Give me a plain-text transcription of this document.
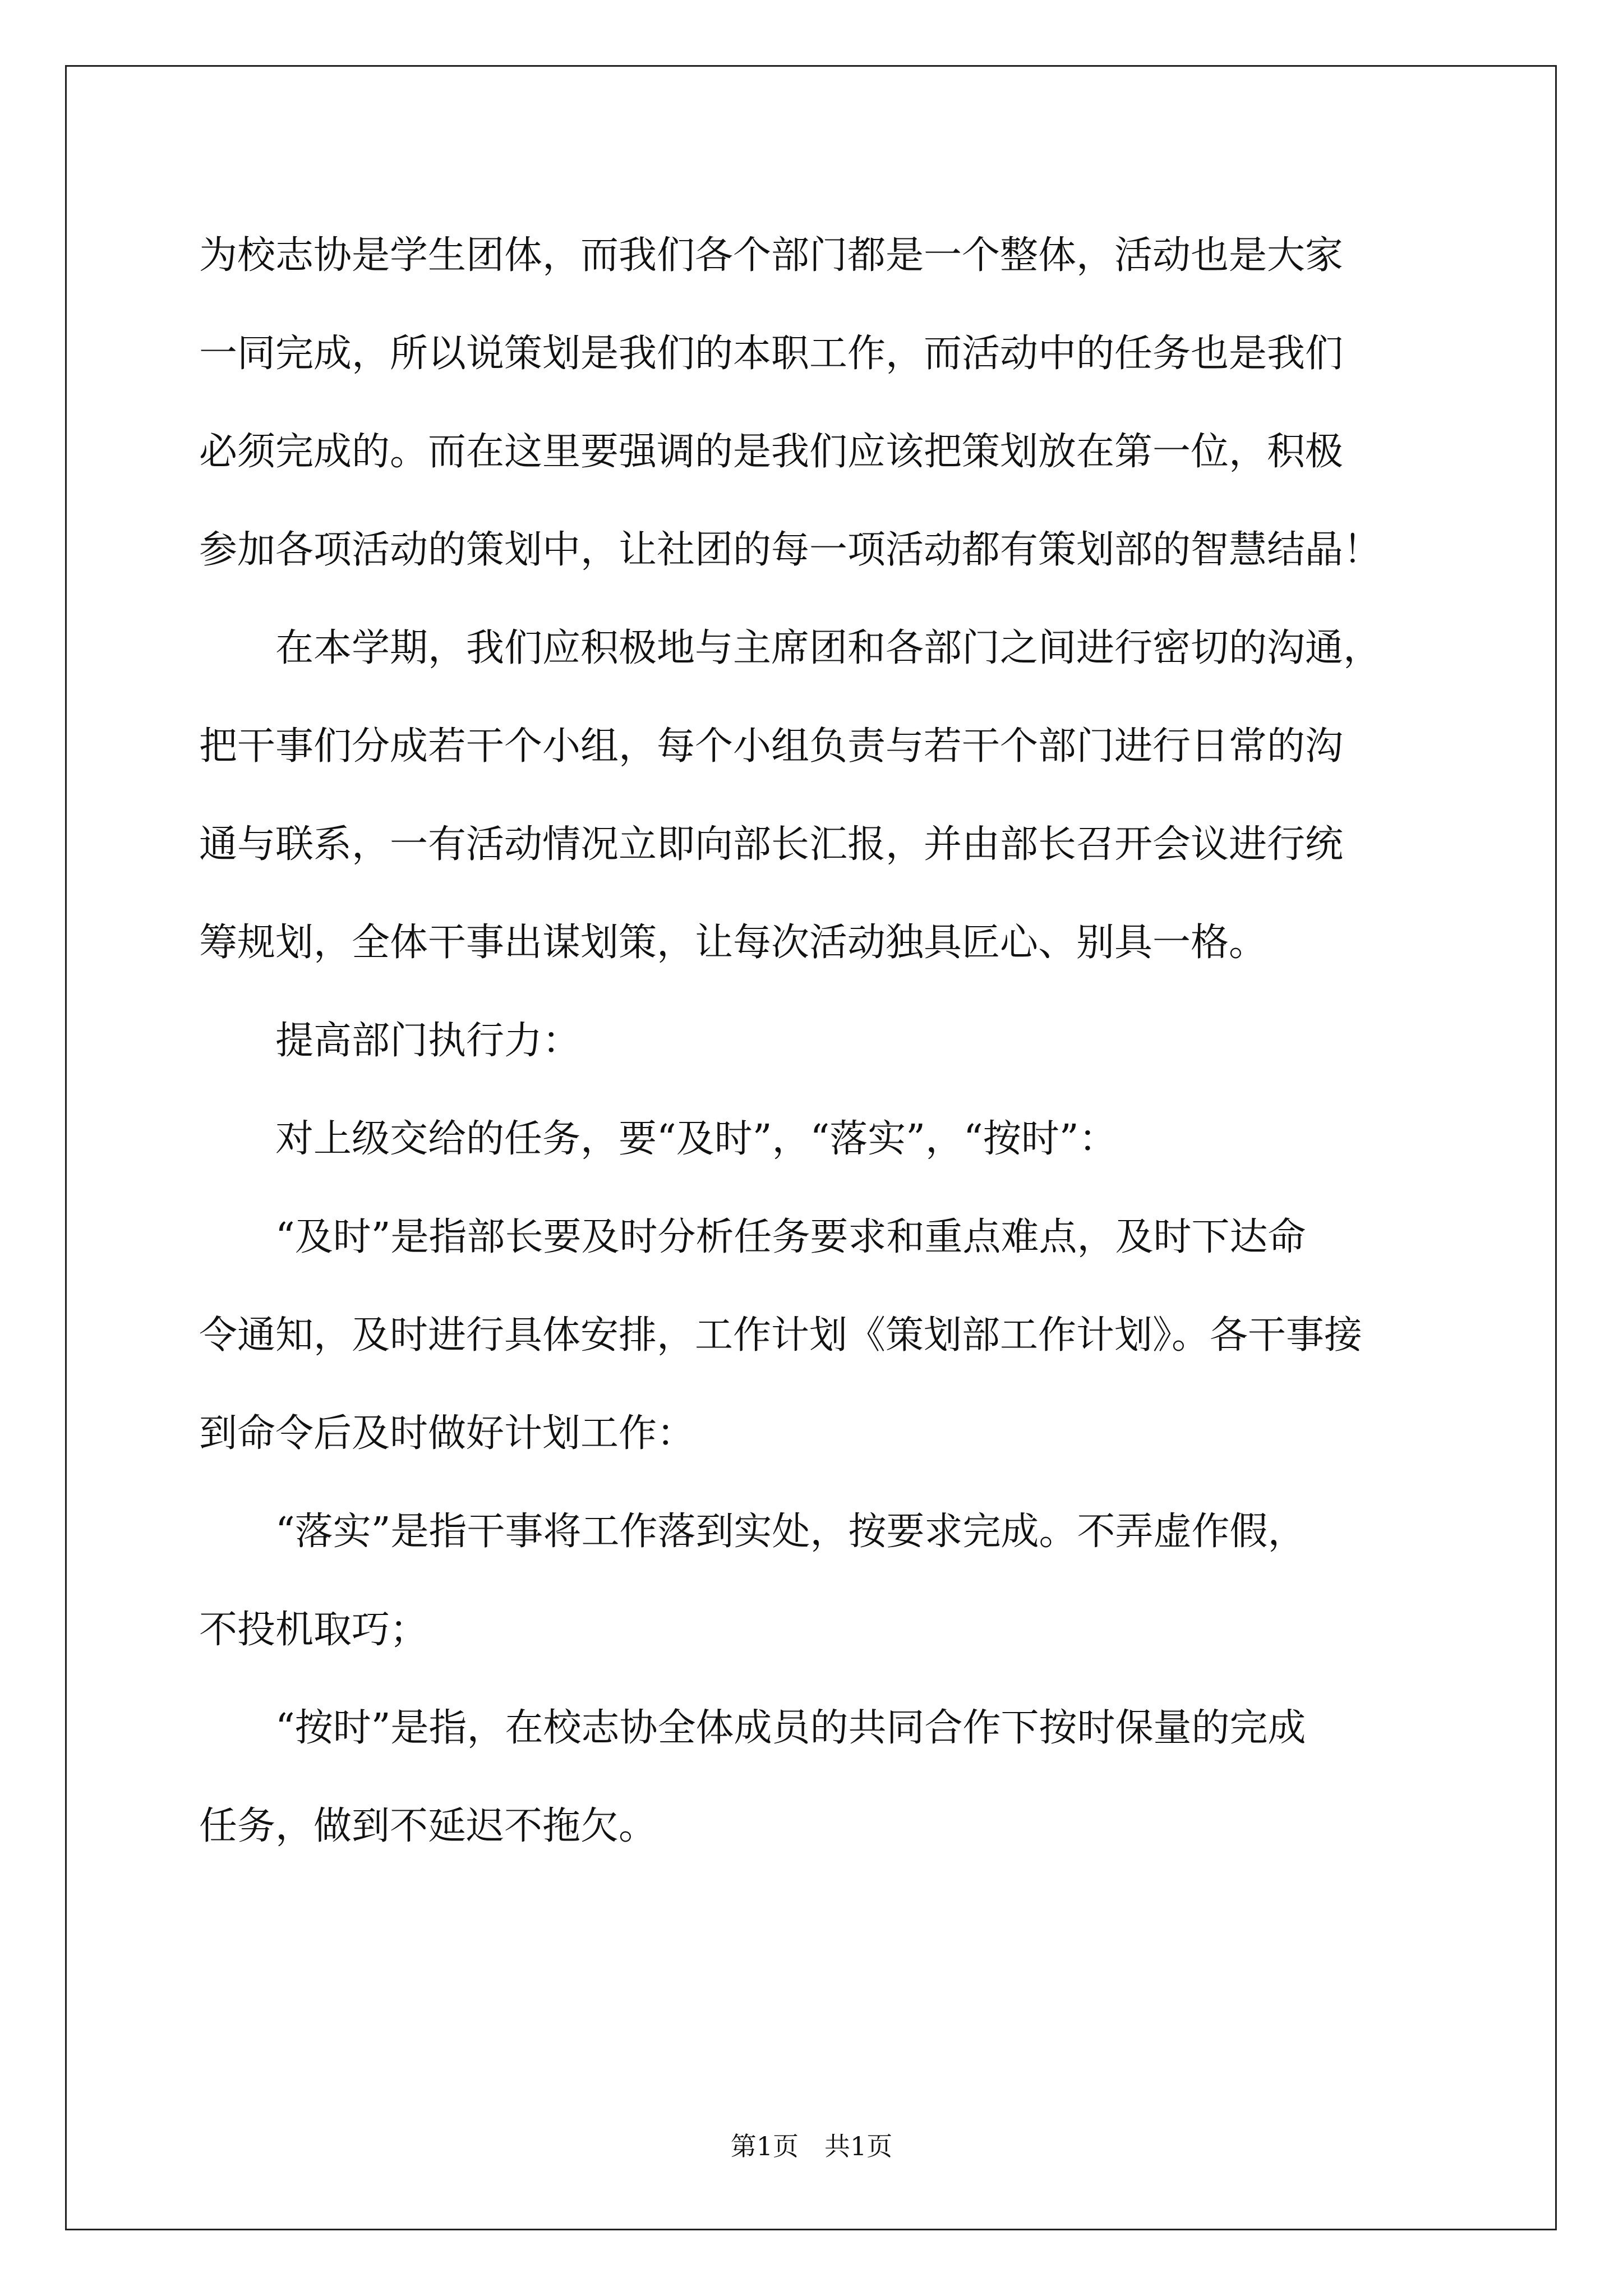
为校志协是学生团体，而我们各个部门都是一个整体，活动也是大家
一同完成，所以说策划是我们的本职工作，而活动中的任务也是我们
必须完成的。而在这里要强调的是我们应该把策划放在第一位，积极
参加各项活动的策划中，让社团的每一项活动都有策划部的智慧结晶！
在本学期，我们应积极地与主席团和各部门之间进行密切的沟通，
把干事们分成若干个小组，每个小组负责与若干个部门进行日常的沟
通与联系，一有活动情况立即向部长汇报，并由部长召开会议进行统
筹规划，全体干事出谋划策，让每次活动独具匠心、别具一格。
提高部门执行力：
对上级交给的任务，要“及时”，“落实”，“按时”：
“及时”是指部长要及时分析任务要求和重点难点，及时下达命
令通知，及时进行具体安排，工作计划《策划部工作计划》。各干事接
到命令后及时做好计划工作：
“落实”是指干事将工作落到实处，按要求完成。不弄虚作假，
不投机取巧；
“按时”是指，在校志协全体成员的共同合作下按时保量的完成
任务，做到不延迟不拖欠。
第1页　共1页
